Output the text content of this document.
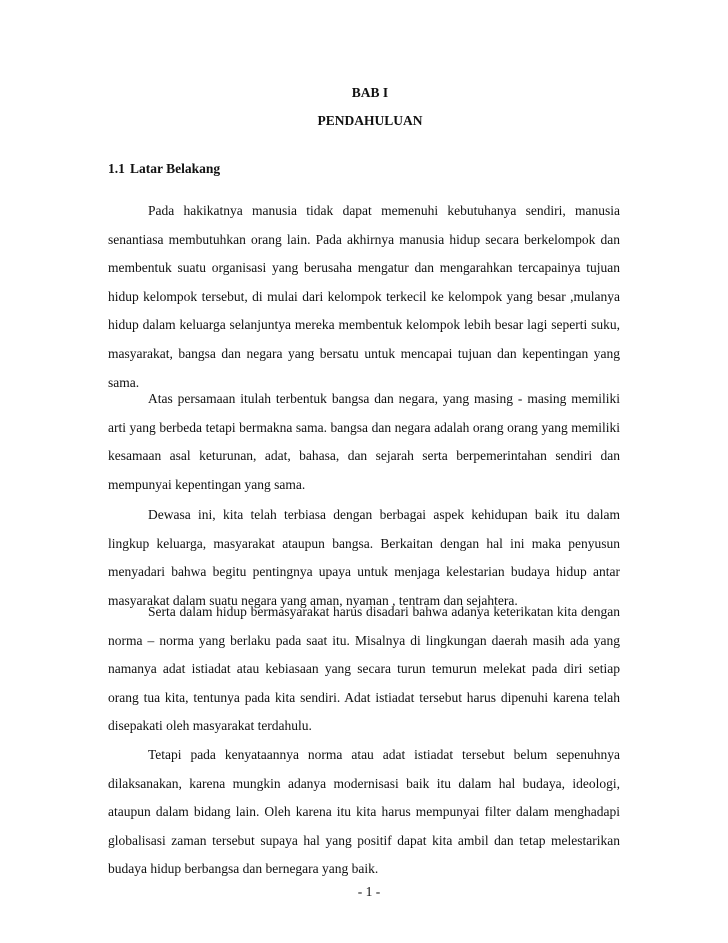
BAB I
PENDAHULUAN
1.1 Latar Belakang

Pada hakikatnya manusia tidak dapat memenuhi kebutuhanya sendiri, manusia senantiasa membutuhkan orang lain. Pada akhirnya manusia hidup secara berkelompok dan membentuk suatu organisasi yang berusaha mengatur dan mengarahkan tercapainya tujuan hidup kelompok tersebut, di mulai dari kelompok terkecil ke kelompok yang besar ,mulanya hidup dalam keluarga selanjuntya mereka membentuk kelompok lebih besar lagi seperti suku, masyarakat, bangsa dan negara yang bersatu untuk mencapai tujuan dan kepentingan yang sama.

Atas persamaan itulah terbentuk bangsa dan negara, yang masing - masing memiliki arti yang berbeda tetapi bermakna sama. bangsa dan negara adalah orang orang yang memiliki kesamaan asal keturunan, adat, bahasa, dan sejarah serta berpemerintahan sendiri dan mempunyai kepentingan yang sama.

Dewasa ini, kita telah terbiasa dengan berbagai aspek kehidupan baik itu dalam lingkup keluarga, masyarakat ataupun bangsa. Berkaitan dengan hal ini maka penyusun menyadari bahwa begitu pentingnya upaya untuk menjaga kelestarian budaya hidup antar masyarakat dalam suatu negara yang aman, nyaman , tentram dan sejahtera.

Serta dalam hidup bermasyarakat harus disadari bahwa adanya keterikatan kita dengan norma – norma yang berlaku pada saat itu. Misalnya di lingkungan daerah masih ada yang namanya adat istiadat atau kebiasaan yang secara turun temurun melekat pada diri setiap orang tua kita, tentunya pada kita sendiri. Adat istiadat tersebut harus dipenuhi karena telah disepakati oleh masyarakat terdahulu.

Tetapi pada kenyataannya norma atau adat istiadat tersebut belum sepenuhnya dilaksanakan, karena mungkin adanya modernisasi baik itu dalam hal budaya, ideologi, ataupun dalam bidang lain. Oleh karena itu kita harus mempunyai filter dalam menghadapi globalisasi zaman tersebut supaya hal yang positif dapat kita ambil dan tetap melestarikan budaya hidup berbangsa dan bernegara yang baik.

- 1 -
